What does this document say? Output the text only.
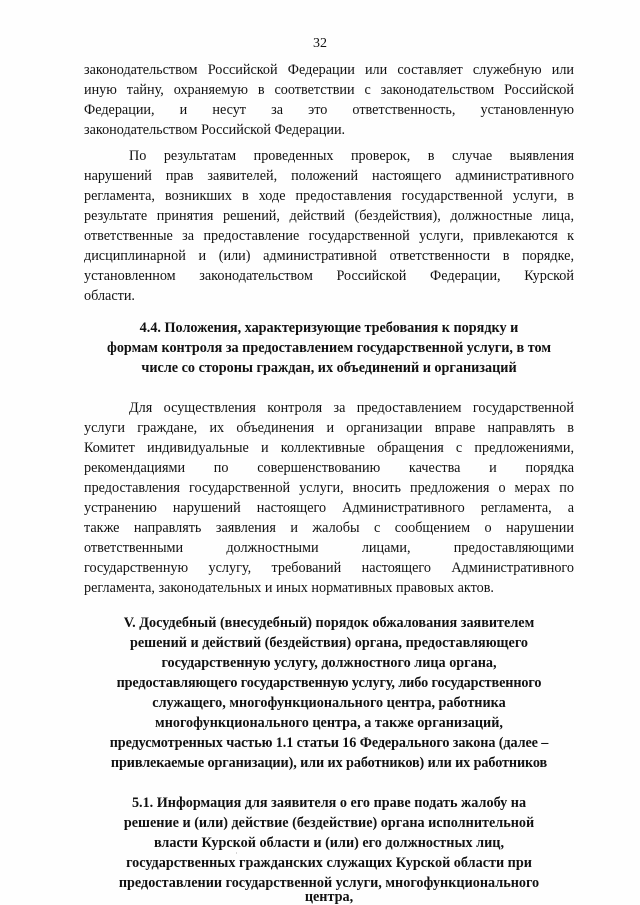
32
законодательством Российской Федерации или составляет служебную или
иную тайну, охраняемую в соответствии с законодательством Российской
Федерации, и несут за это ответственность, установленную
законодательством Российской Федерации.
По результатам проведенных проверок, в случае выявления
нарушений прав заявителей, положений настоящего административного
регламента, возникших в ходе предоставления государственной услуги, в
результате принятия решений, действий (бездействия), должностные лица,
ответственные за предоставление государственной услуги, привлекаются к
дисциплинарной и (или) административной ответственности в порядке,
установленном законодательством Российской Федерации, Курской
области.
4.4. Положения, характеризующие требования к порядку и
формам контроля за предоставлением государственной услуги, в том
числе со стороны граждан, их объединений и организаций
Для осуществления контроля за предоставлением государственной
услуги граждане, их объединения и организации вправе направлять в
Комитет индивидуальные и коллективные обращения с предложениями,
рекомендациями по совершенствованию качества и порядка
предоставления государственной услуги, вносить предложения о мерах по
устранению нарушений настоящего Административного регламента, а
также направлять заявления и жалобы с сообщением о нарушении
ответственными должностными лицами, предоставляющими
государственную услугу, требований настоящего Административного
регламента, законодательных и иных нормативных правовых актов.
V. Досудебный (внесудебный) порядок обжалования заявителем
решений и действий (бездействия) органа, предоставляющего
государственную услугу, должностного лица органа,
предоставляющего государственную услугу, либо государственного
служащего, многофункционального центра, работника
многофункционального центра, а также организаций,
предусмотренных частью 1.1 статьи 16 Федерального закона (далее –
привлекаемые организации), или их работников) или их работников
5.1. Информация для заявителя о его праве подать жалобу на
решение и (или) действие (бездействие) органа исполнительной
власти Курской области и (или) его должностных лиц,
государственных гражданских служащих Курской области при
предоставлении государственной услуги, многофункционального
центра,
